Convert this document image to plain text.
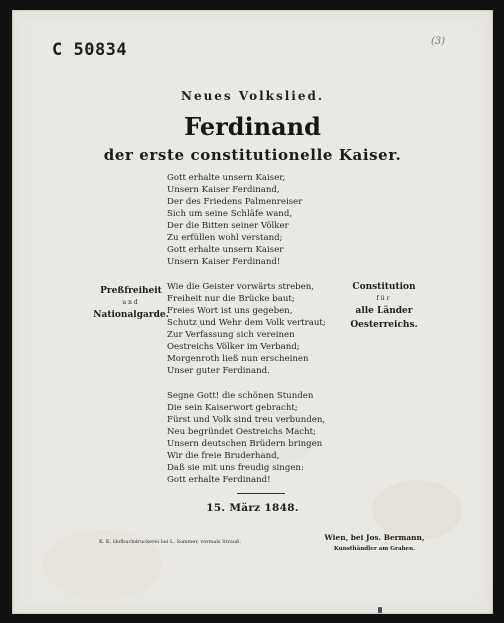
C 50834	(3)
Neues Volkslied.
Ferdinand
der erste constitutionelle Kaiser.
Gott erhalte unsern Kaiser,
Unsern Kaiser Ferdinand,
Der des Friedens Palmenreiser
Sich um seine Schläfe wand,
Der die Bitten seiner Völker
Zu erfüllen wohl verstand;
Gott erhalte unsern Kaiser
Unsern Kaiser Ferdinand!
Preßfreiheit
und
Nationalgarde.
Wie die Geister vorwärts streben,
Freiheit nur die Brücke baut;
Freies Wort ist uns gegeben,
Schutz und Wehr dem Volk vertraut;
Zur Verfassung sich vereinen
Oestreichs Völker im Verband;
Morgenroth ließ nun erscheinen
Unser guter Ferdinand.
Constitution
für
alle Länder
Oesterreichs.
Segne Gott! die schönen Stunden
Die sein Kaiserwort gebracht;
Fürst und Volk sind treu verbunden,
Neu begründet Oestreichs Macht;
Unsern deutschen Brüdern bringen
Wir die freie Bruderhand,
Daß sie mit uns freudig singen:
Gott erhalte Ferdinand!
15. März 1848.
K. K. Hofbuchdruckerei bei L. Sommer, vormals Strauß.	Wien, bei Jos. Bermann,
Kunsthändler am Graben.
